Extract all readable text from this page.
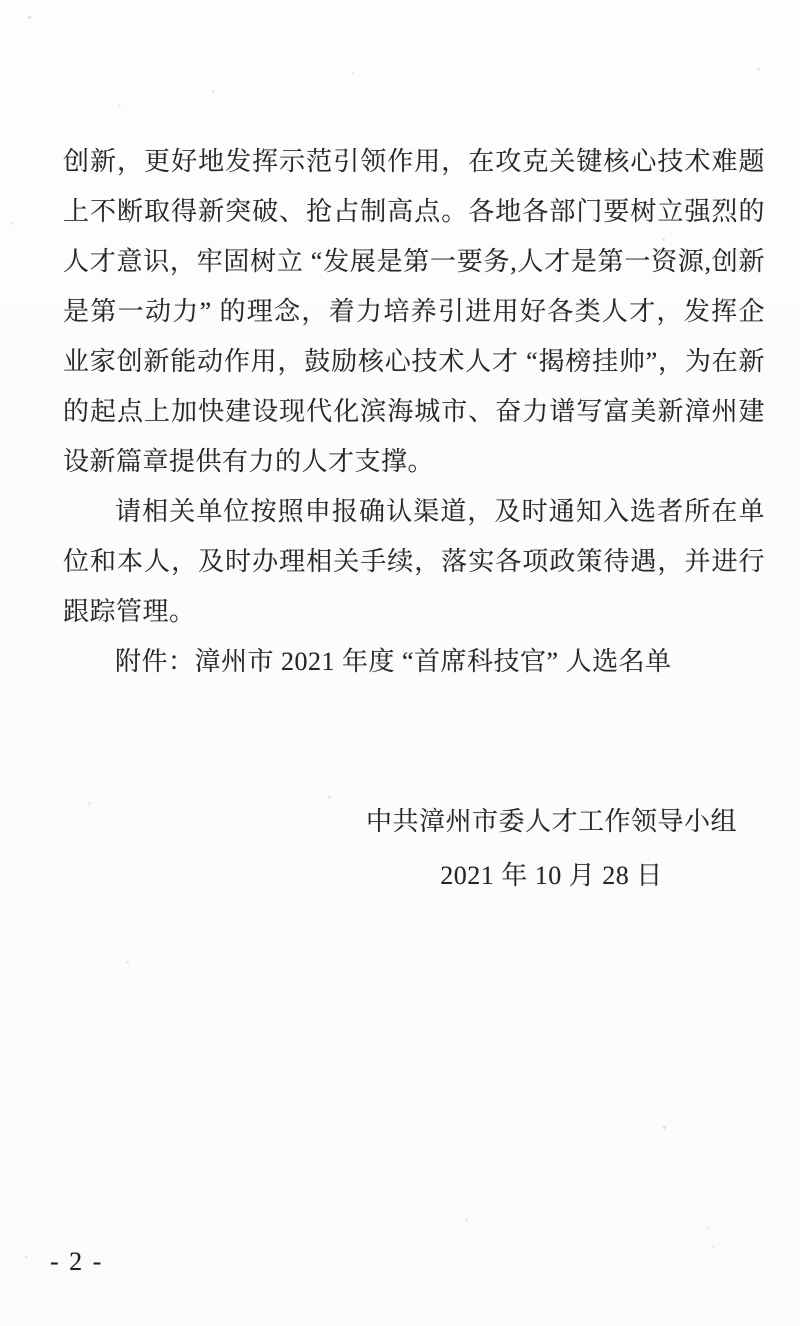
创新，更好地发挥示范引领作用，在攻克关键核心技术难题上不断取得新突破、抢占制高点。各地各部门要树立强烈的人才意识，牢固树立 “发展是第一要务,人才是第一资源,创新是第一动力” 的理念，着力培养引进用好各类人才，发挥企业家创新能动作用，鼓励核心技术人才 “揭榜挂帅”，为在新的起点上加快建设现代化滨海城市、奋力谱写富美新漳州建设新篇章提供有力的人才支撑。

请相关单位按照申报确认渠道，及时通知入选者所在单位和本人，及时办理相关手续，落实各项政策待遇，并进行跟踪管理。

附件：漳州市 2021 年度 “首席科技官” 人选名单

中共漳州市委人才工作领导小组
2021 年 10 月 28 日
- 2 -
